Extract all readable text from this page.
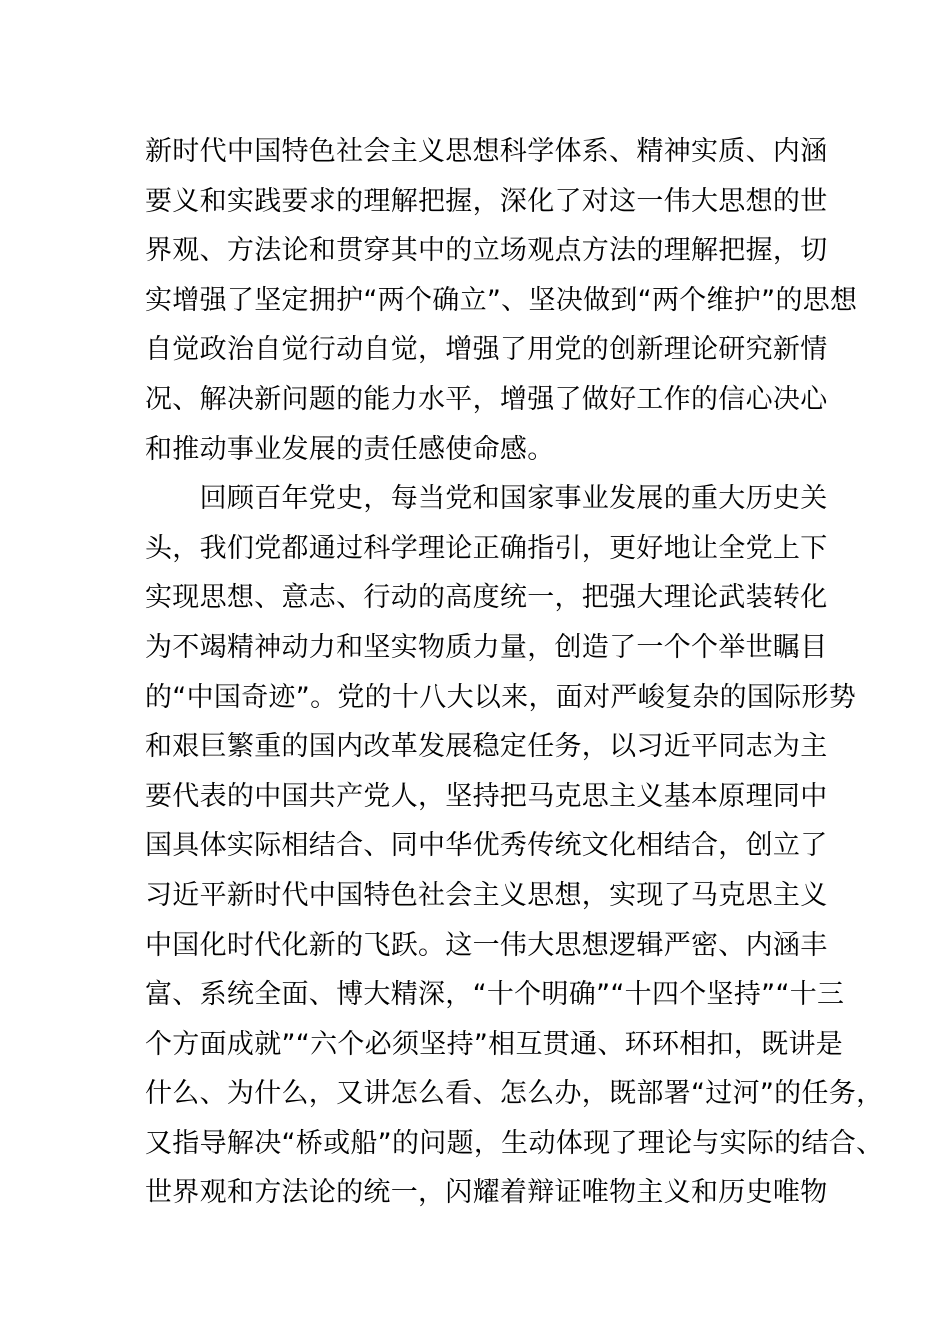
新时代中国特色社会主义思想科学体系、精神实质、内涵
要义和实践要求的理解把握，深化了对这一伟大思想的世
界观、方法论和贯穿其中的立场观点方法的理解把握，切
实增强了坚定拥护“两个确立”、坚决做到“两个维护”的思想
自觉政治自觉行动自觉，增强了用党的创新理论研究新情
况、解决新问题的能力水平，增强了做好工作的信心决心
和推动事业发展的责任感使命感。
　　回顾百年党史，每当党和国家事业发展的重大历史关
头，我们党都通过科学理论正确指引，更好地让全党上下
实现思想、意志、行动的高度统一，把强大理论武装转化
为不竭精神动力和坚实物质力量，创造了一个个举世瞩目
的“中国奇迹”。党的十八大以来，面对严峻复杂的国际形势
和艰巨繁重的国内改革发展稳定任务，以习近平同志为主
要代表的中国共产党人，坚持把马克思主义基本原理同中
国具体实际相结合、同中华优秀传统文化相结合，创立了
习近平新时代中国特色社会主义思想，实现了马克思主义
中国化时代化新的飞跃。这一伟大思想逻辑严密、内涵丰
富、系统全面、博大精深，“十个明确”“十四个坚持”“十三
个方面成就”“六个必须坚持”相互贯通、环环相扣，既讲是
什么、为什么，又讲怎么看、怎么办，既部署“过河”的任务，
又指导解决“桥或船”的问题，生动体现了理论与实际的结合、
世界观和方法论的统一，闪耀着辩证唯物主义和历史唯物
